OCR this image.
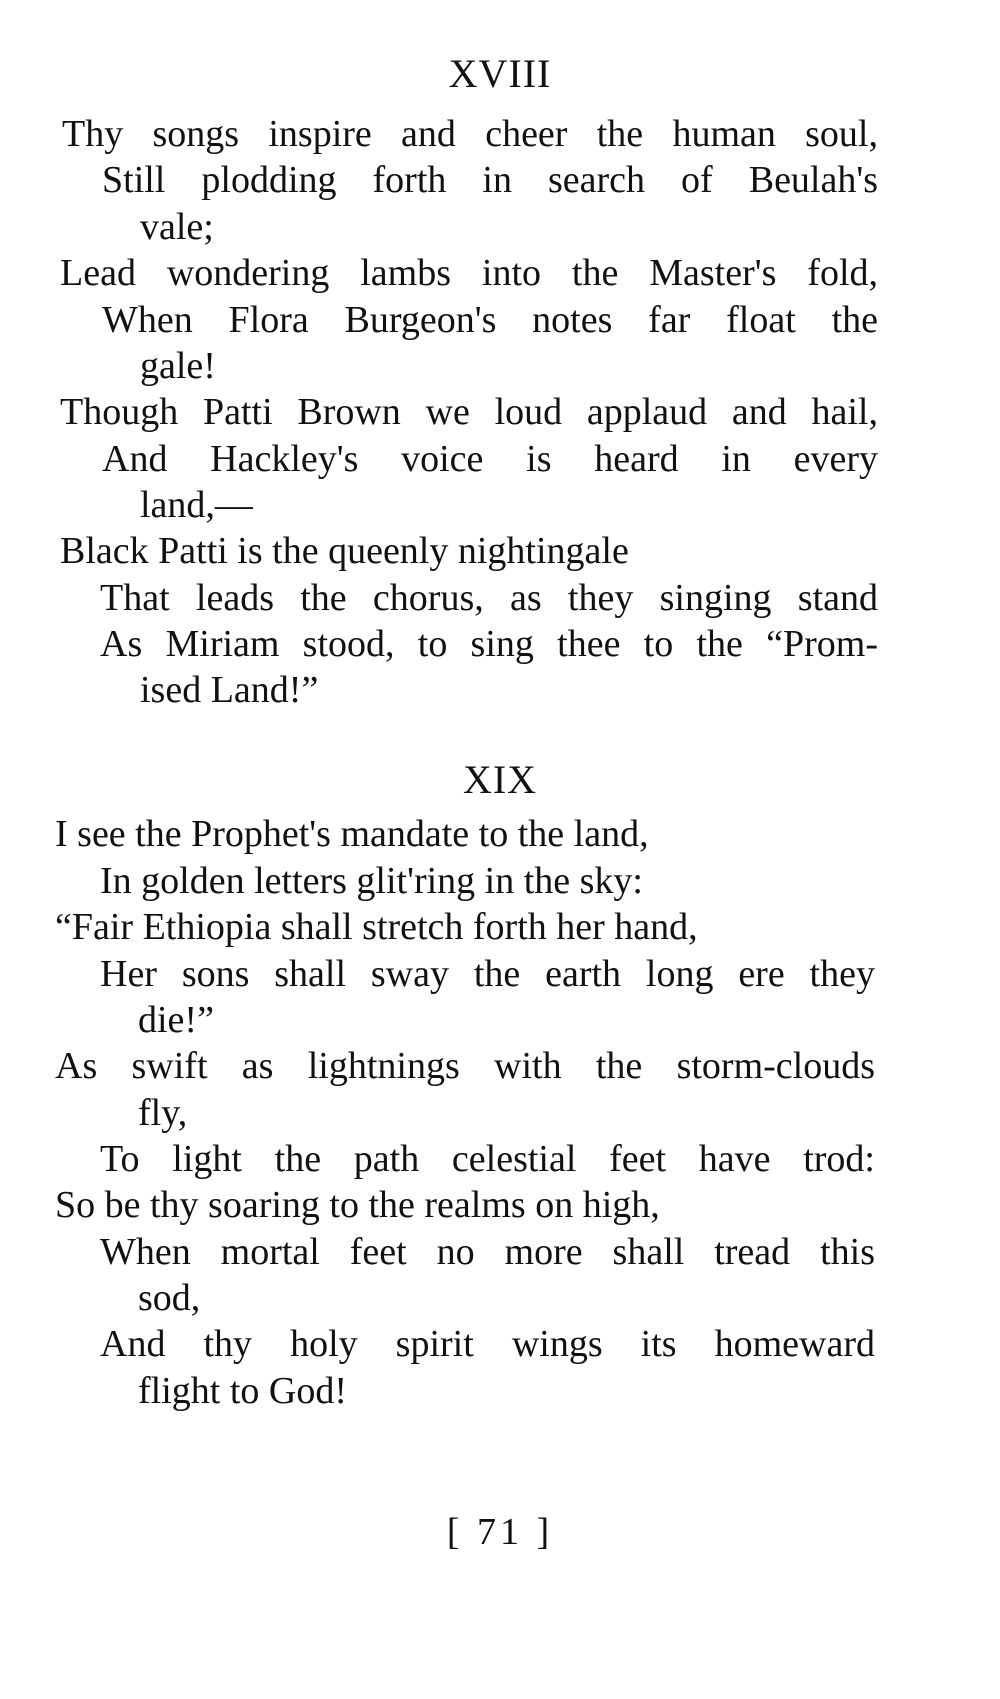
XVIII
Thy songs inspire and cheer the human soul,
Still plodding forth in search of Beulah's
vale;
Lead wondering lambs into the Master's fold,
When Flora Burgeon's notes far float the
gale!
Though Patti Brown we loud applaud and hail,
And Hackley's voice is heard in every
land,—
Black Patti is the queenly nightingale
That leads the chorus, as they singing stand
As Miriam stood, to sing thee to the “Prom-
ised Land!”
XIX
I see the Prophet's mandate to the land,
In golden letters glit'ring in the sky:
“Fair Ethiopia shall stretch forth her hand,
Her sons shall sway the earth long ere they
die!”
As swift as lightnings with the storm-clouds
fly,
To light the path celestial feet have trod:
So be thy soaring to the realms on high,
When mortal feet no more shall tread this
sod,
And thy holy spirit wings its homeward
flight to God!
[ 71 ]
